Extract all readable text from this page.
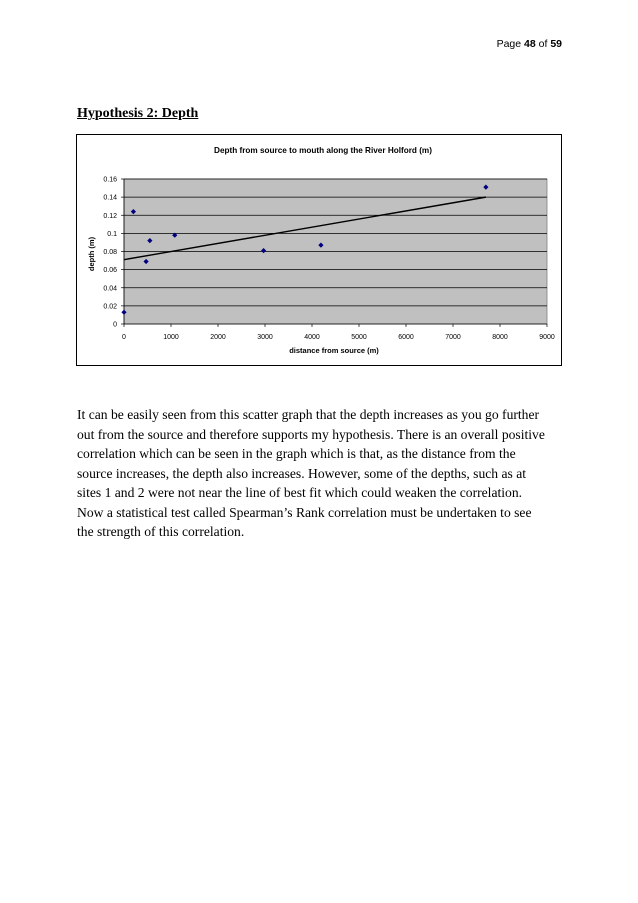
Page 48 of 59
Hypothesis 2: Depth
Depth from source to mouth along the River Holford (m)
0
0.02
0.04
0.06
0.08
0.1
0.12
0.14
0.16
0	1000	2000	3000	4000	5000	6000	7000	8000	9000
distance from source (m)
depth (m)
It can be easily seen from this scatter graph that the depth increases as you go further
out from the source and therefore supports my hypothesis. There is an overall positive
correlation which can be seen in the graph which is that, as the distance from the
source increases, the depth also increases. However, some of the depths, such as at
sites 1 and 2 were not near the line of best fit which could weaken the correlation.
Now a statistical test called Spearman’s Rank correlation must be undertaken to see
the strength of this correlation.
